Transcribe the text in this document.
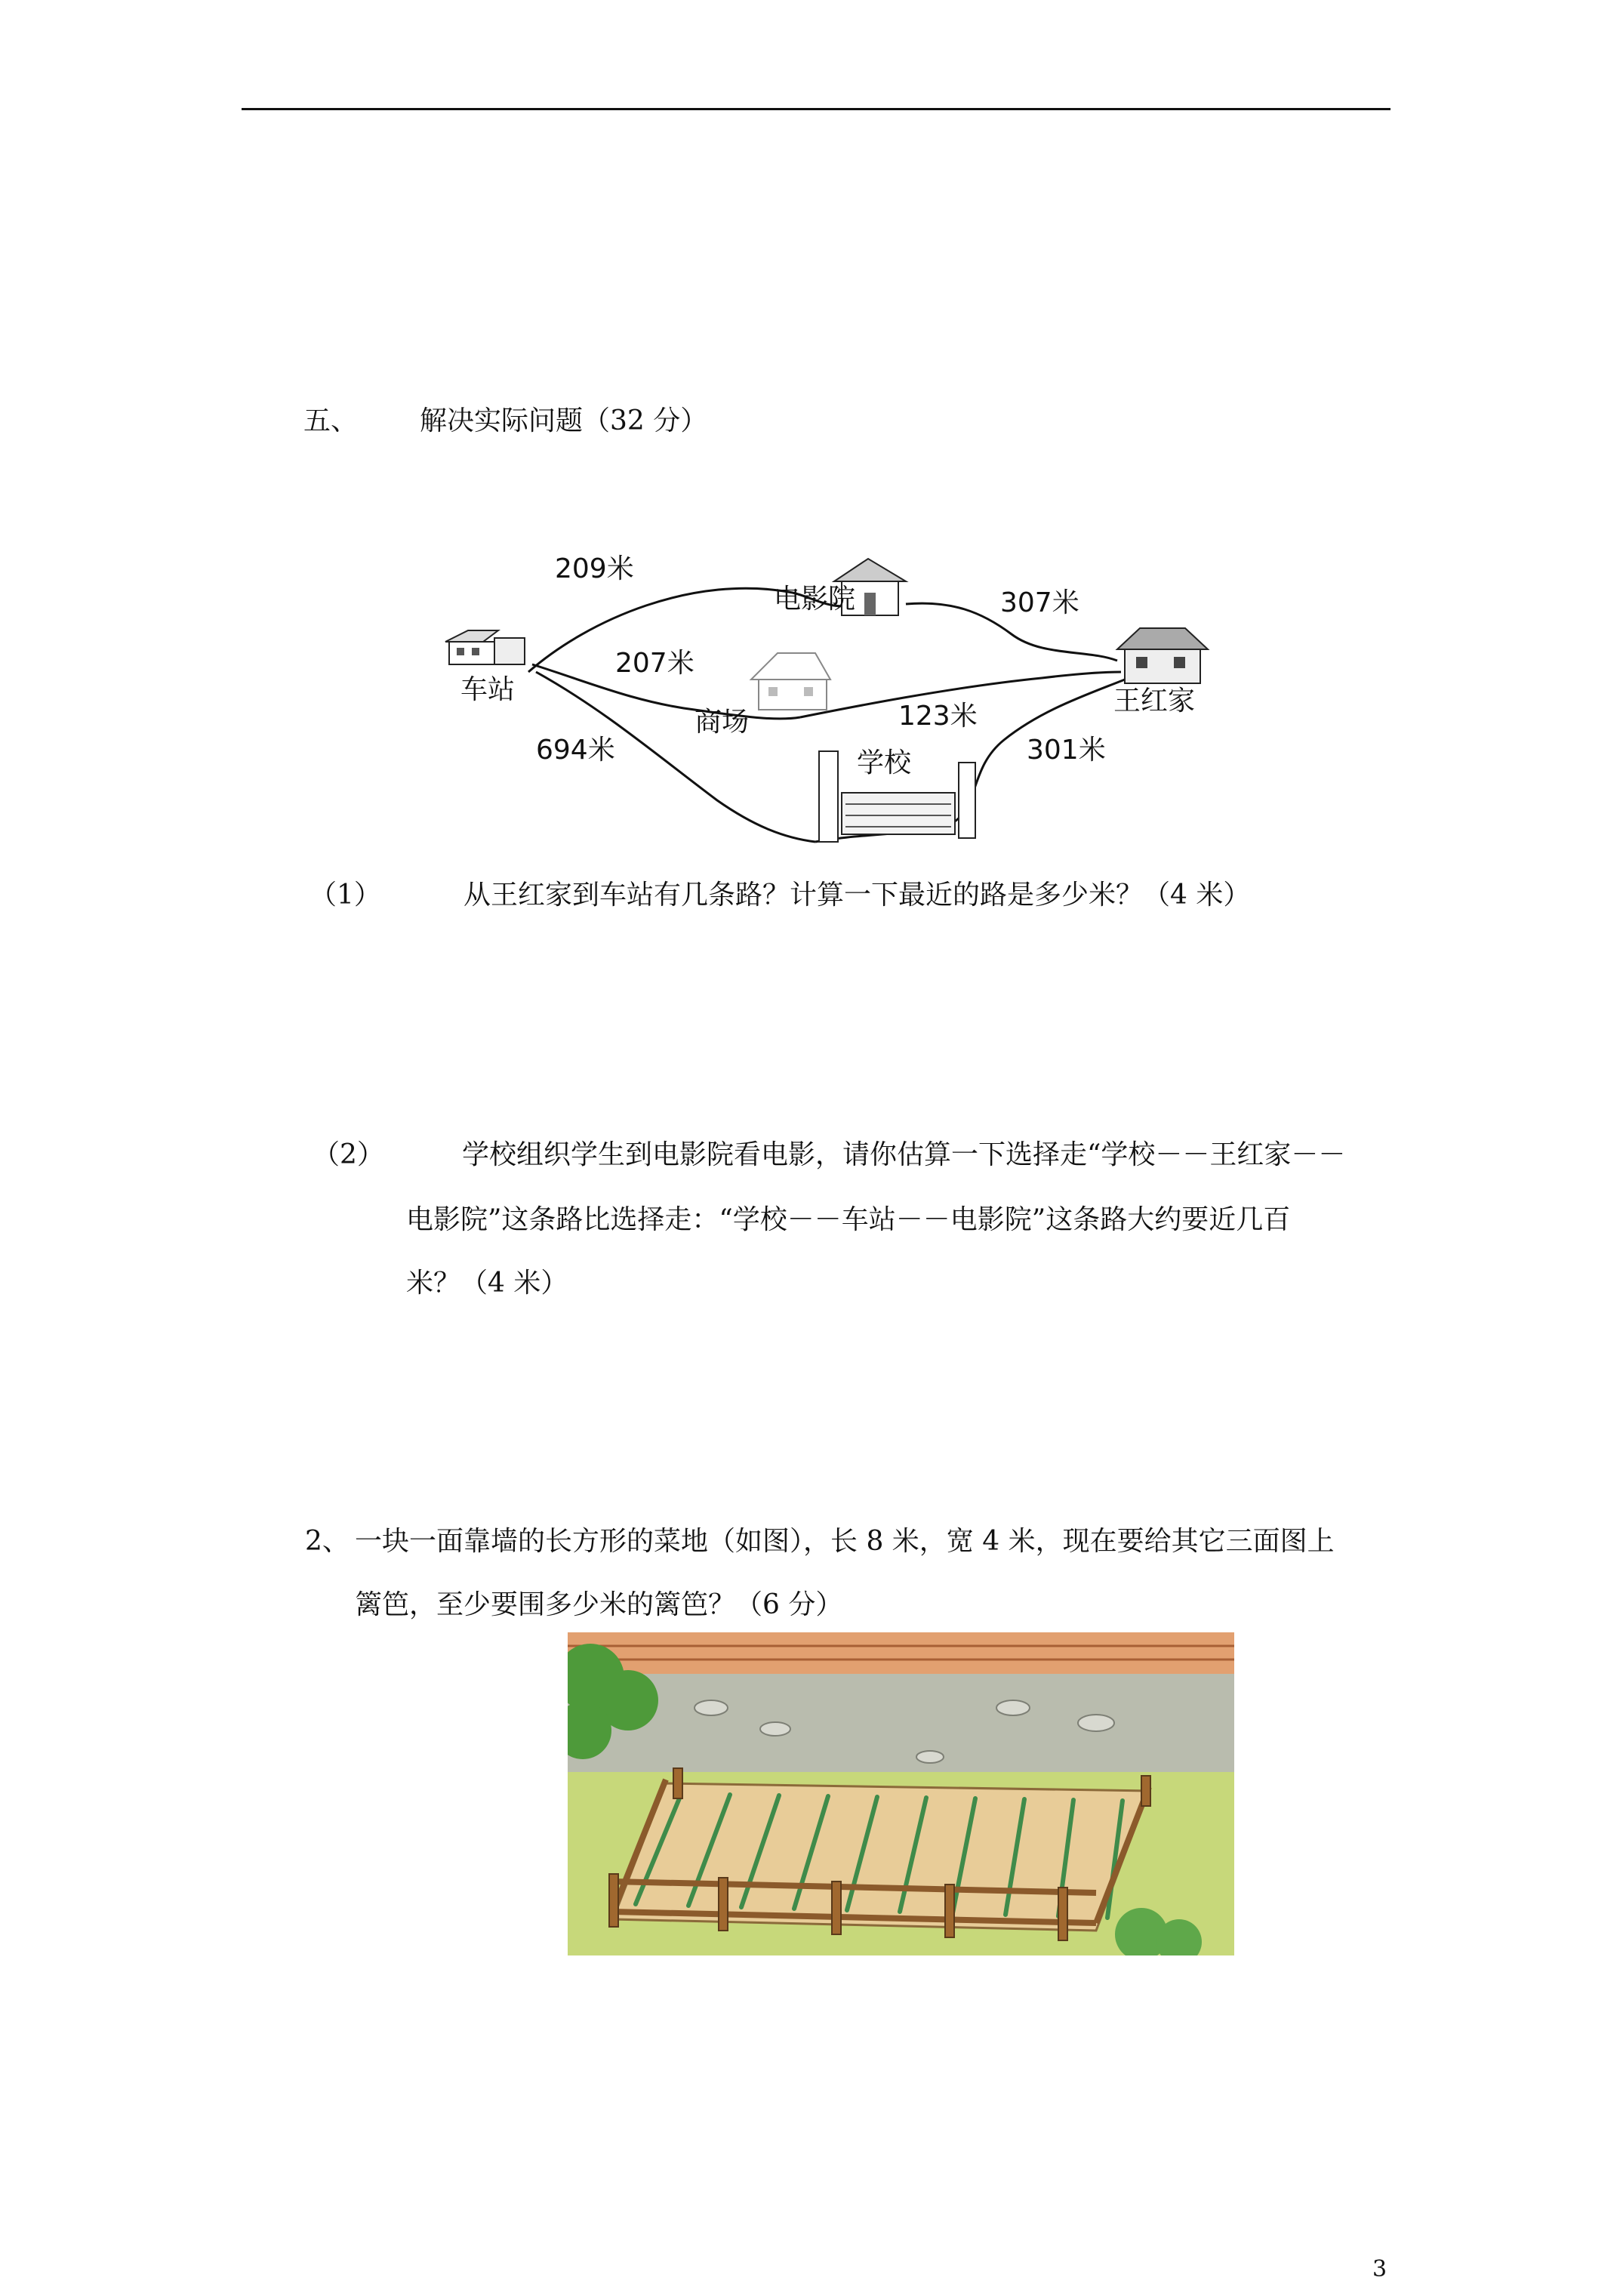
五、 解决实际问题（32 分）
车站
电影院
商场
学校
王红家
209米
307米
207米
123米
694米	301米
（1）	从王红家到车站有几条路？计算一下最近的路是多少米？（4 米）
（2）	学校组织学生到电影院看电影，请你估算一下选择走“学校－－王红家－－
电影院”这条路比选择走：“学校－－车站－－电影院”这条路大约要近几百
米？（4 米）
2、 一块一面靠墙的长方形的菜地（如图），长 8 米，宽 4 米，现在要给其它三面图上
篱笆，至少要围多少米的篱笆？（6 分）
3
